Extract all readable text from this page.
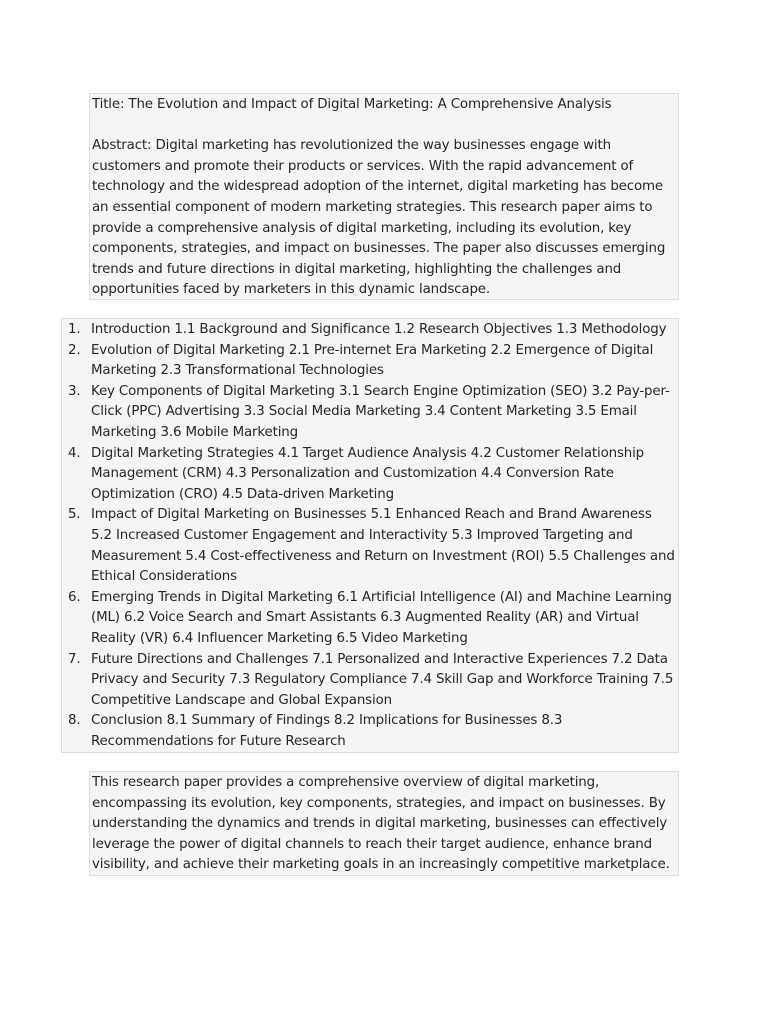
Title: The Evolution and Impact of Digital Marketing: A Comprehensive Analysis

Abstract: Digital marketing has revolutionized the way businesses engage with customers and promote their products or services. With the rapid advancement of technology and the widespread adoption of the internet, digital marketing has become an essential component of modern marketing strategies. This research paper aims to provide a comprehensive analysis of digital marketing, including its evolution, key components, strategies, and impact on businesses. The paper also discusses emerging trends and future directions in digital marketing, highlighting the challenges and opportunities faced by marketers in this dynamic landscape.

1. Introduction 1.1 Background and Significance 1.2 Research Objectives 1.3 Methodology
2. Evolution of Digital Marketing 2.1 Pre-internet Era Marketing 2.2 Emergence of Digital Marketing 2.3 Transformational Technologies
3. Key Components of Digital Marketing 3.1 Search Engine Optimization (SEO) 3.2 Pay-per-Click (PPC) Advertising 3.3 Social Media Marketing 3.4 Content Marketing 3.5 Email Marketing 3.6 Mobile Marketing
4. Digital Marketing Strategies 4.1 Target Audience Analysis 4.2 Customer Relationship Management (CRM) 4.3 Personalization and Customization 4.4 Conversion Rate Optimization (CRO) 4.5 Data-driven Marketing
5. Impact of Digital Marketing on Businesses 5.1 Enhanced Reach and Brand Awareness 5.2 Increased Customer Engagement and Interactivity 5.3 Improved Targeting and Measurement 5.4 Cost-effectiveness and Return on Investment (ROI) 5.5 Challenges and Ethical Considerations
6. Emerging Trends in Digital Marketing 6.1 Artificial Intelligence (AI) and Machine Learning (ML) 6.2 Voice Search and Smart Assistants 6.3 Augmented Reality (AR) and Virtual Reality (VR) 6.4 Influencer Marketing 6.5 Video Marketing
7. Future Directions and Challenges 7.1 Personalized and Interactive Experiences 7.2 Data Privacy and Security 7.3 Regulatory Compliance 7.4 Skill Gap and Workforce Training 7.5 Competitive Landscape and Global Expansion
8. Conclusion 8.1 Summary of Findings 8.2 Implications for Businesses 8.3 Recommendations for Future Research

This research paper provides a comprehensive overview of digital marketing, encompassing its evolution, key components, strategies, and impact on businesses. By understanding the dynamics and trends in digital marketing, businesses can effectively leverage the power of digital channels to reach their target audience, enhance brand visibility, and achieve their marketing goals in an increasingly competitive marketplace.
